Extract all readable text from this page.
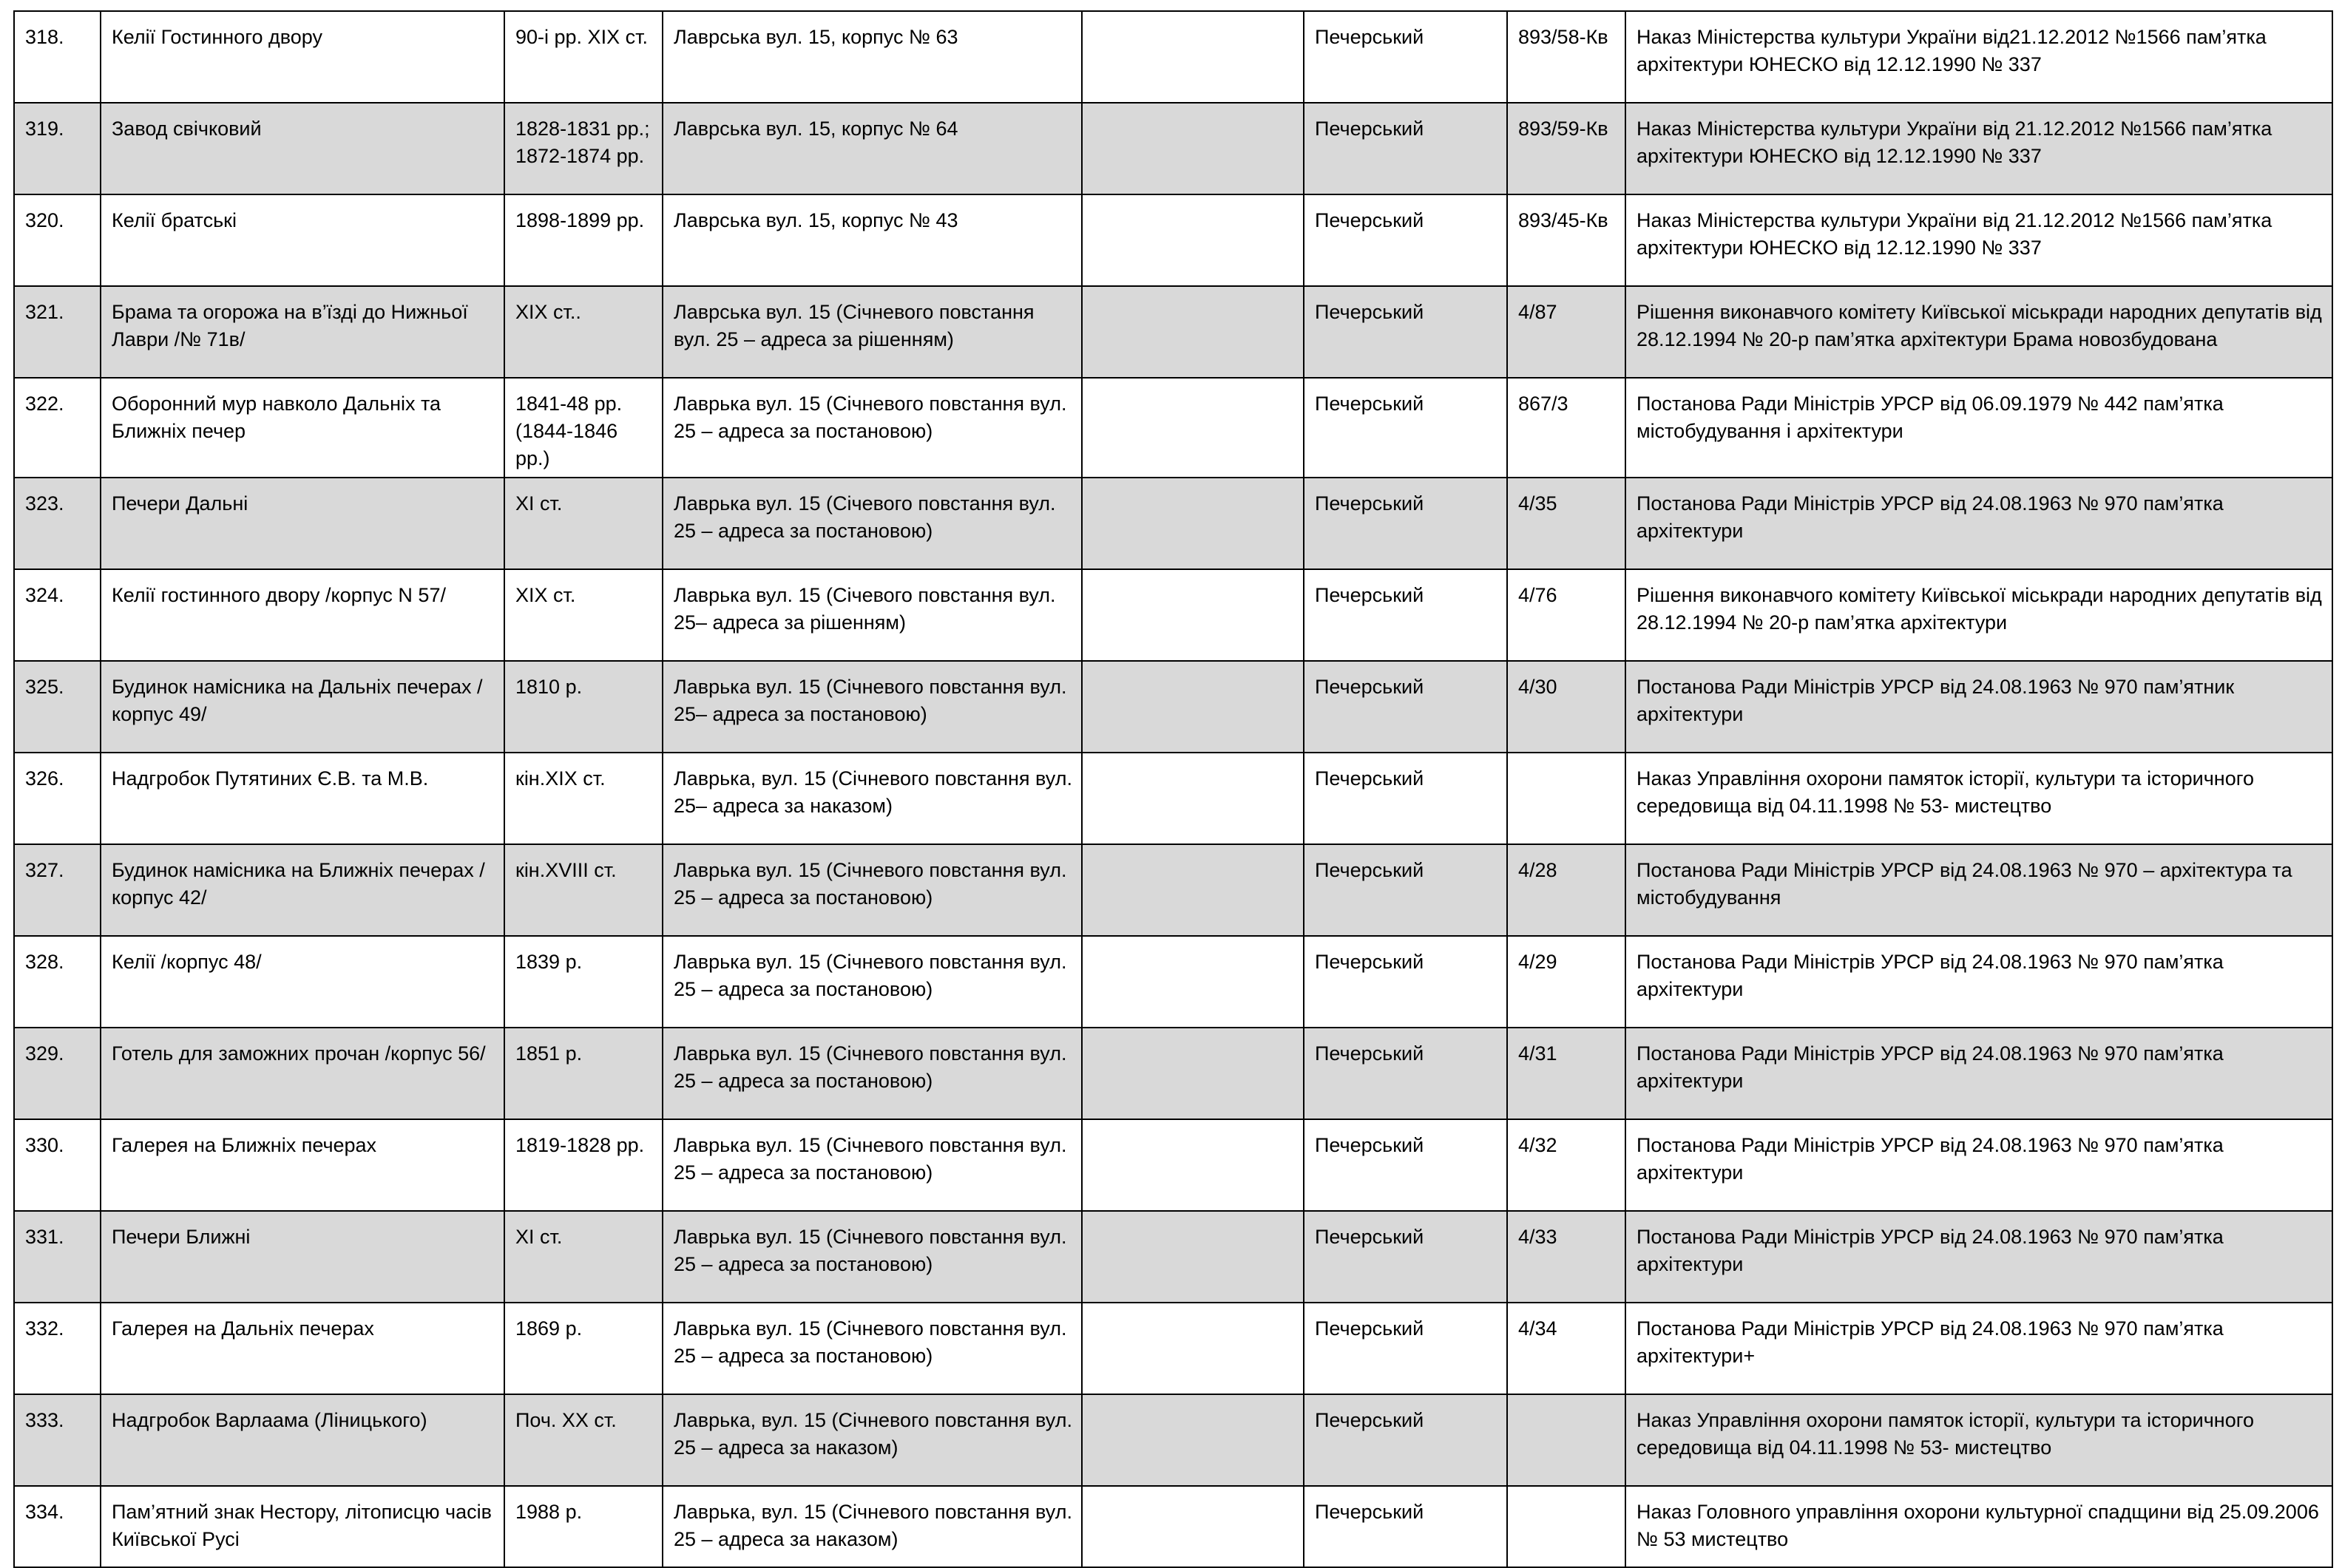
318.	Келії Гостинного двору	90-і рр. XIX ст.	Лаврська вул. 15, корпус № 63		Печерський	893/58-Кв	Наказ Міністерства культури України від21.12.2012 №1566 пам’ятка архітектури ЮНЕСКО від 12.12.1990 № 337
319.	Завод свічковий	1828-1831 рр.; 1872-1874 рр.	Лаврська вул. 15, корпус № 64		Печерський	893/59-Кв	Наказ Міністерства культури України від 21.12.2012 №1566 пам’ятка архітектури ЮНЕСКО від 12.12.1990 № 337
320.	Келії братські	1898-1899 рр.	Лаврська вул. 15, корпус № 43		Печерський	893/45-Кв	Наказ Міністерства культури України від 21.12.2012 №1566 пам’ятка архітектури ЮНЕСКО від 12.12.1990 № 337
321.	Брама та огорожа на в’їзді до Нижньої Лаври /№ 71в/	XIX ст..	Лаврська вул. 15 (Січневого повстання вул. 25 – адреса за рішенням)		Печерський	4/87	Рішення виконавчого комітету Київської міськради народних депутатів від 28.12.1994 № 20-р пам’ятка архітектури Брама новозбудована
322.	Оборонний мур навколо Дальніх та Ближніх печер	1841-48 рр. (1844-1846 рр.)	Лаврька вул. 15 (Січневого повстання вул. 25 – адреса за постановою)		Печерський	867/3	Постанова Ради Міністрів УРСР від 06.09.1979 № 442 пам’ятка містобудування і архітектури
323.	Печери Дальні	XI ст.	Лаврька вул. 15 (Січевого повстання вул. 25 – адреса за постановою)		Печерський	4/35	Постанова Ради Міністрів УРСР від 24.08.1963 № 970 пам’ятка архітектури
324.	Келії гостинного двору /корпус N 57/	XIX ст.	Лаврька вул. 15 (Січевого повстання вул. 25– адреса за рішенням)		Печерський	4/76	Рішення виконавчого комітету Київської міськради народних депутатів від 28.12.1994 № 20-р пам’ятка архітектури
325.	Будинок намісника на Дальніх печерах /корпус 49/	1810 р.	Лаврька вул. 15 (Січневого повстання вул. 25– адреса за постановою)		Печерський	4/30	Постанова Ради Міністрів УРСР від 24.08.1963 № 970 пам’ятник архітектури
326.	Надгробок Путятиних Є.В. та М.В.	кін.XIX ст.	Лаврька, вул. 15 (Січневого повстання вул. 25– адреса за наказом)		Печерський		Наказ Управління охорони памяток історії, культури та історичного середовища від 04.11.1998 № 53- мистецтво
327.	Будинок намісника на Ближніх печерах /корпус 42/	кін.XVIII ст.	Лаврька вул. 15 (Січневого повстання вул. 25 – адреса за постановою)		Печерський	4/28	Постанова Ради Міністрів УРСР від 24.08.1963 № 970 – архітектура та містобудування
328.	Келії /корпус 48/	1839 р.	Лаврька вул. 15 (Січневого повстання вул. 25 – адреса за постановою)		Печерський	4/29	Постанова Ради Міністрів УРСР від 24.08.1963 № 970 пам’ятка архітектури
329.	Готель для заможних прочан /корпус 56/	1851 р.	Лаврька вул. 15 (Січневого повстання вул. 25 – адреса за постановою)		Печерський	4/31	Постанова Ради Міністрів УРСР від 24.08.1963 № 970 пам’ятка архітектури
330.	Галерея на Ближніх печерах	1819-1828 рр.	Лаврька вул. 15 (Січневого повстання вул. 25 – адреса за постановою)		Печерський	4/32	Постанова Ради Міністрів УРСР від 24.08.1963 № 970 пам’ятка архітектури
331.	Печери Ближні	XI ст.	Лаврька вул. 15 (Січневого повстання вул. 25 – адреса за постановою)		Печерський	4/33	Постанова Ради Міністрів УРСР від 24.08.1963 № 970 пам’ятка архітектури
332.	Галерея на Дальніх печерах	1869 р.	Лаврька вул. 15 (Січневого повстання вул. 25 – адреса за постановою)		Печерський	4/34	Постанова Ради Міністрів УРСР від 24.08.1963 № 970 пам’ятка архітектури+
333.	Надгробок Варлаама (Ліницького)	Поч. XX ст.	Лаврька, вул. 15 (Січневого повстання вул. 25 – адреса за наказом)		Печерський		Наказ Управління охорони памяток історії, культури та історичного середовища від 04.11.1998 № 53- мистецтво
334.	Пам’ятний знак Нестору, літописцю часів Київської Русі	1988 р.	Лаврька, вул. 15 (Січневого повстання вул. 25 – адреса за наказом)		Печерський		Наказ Головного управління охорони культурної спадщини від 25.09.2006 № 53 мистецтво
